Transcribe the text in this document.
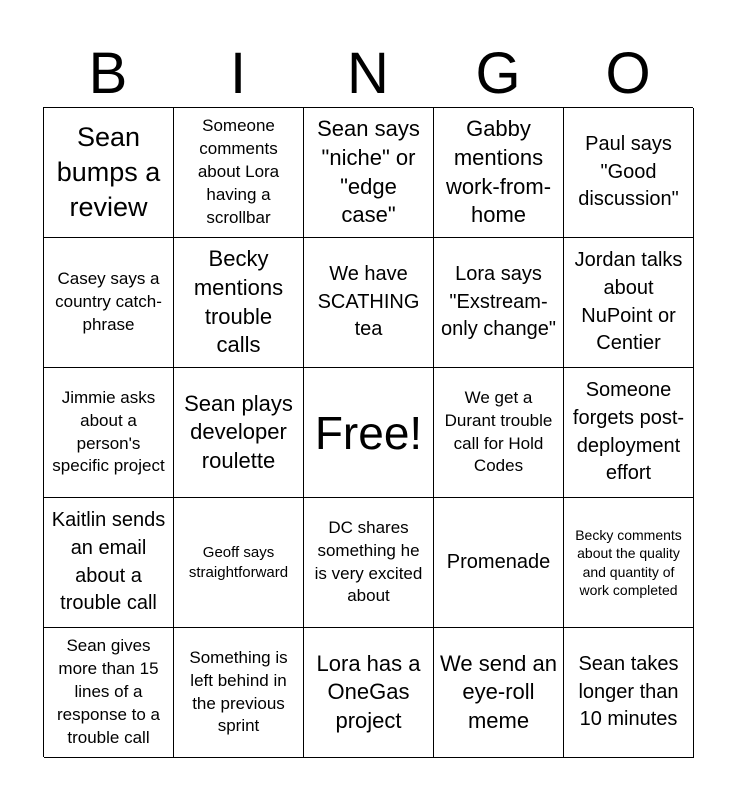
B	I	N	G	O
Sean bumps a review
Someone comments about Lora having a scrollbar
Sean says "niche" or "edge case"
Gabby mentions work-from-home
Paul says "Good discussion"
Casey says a country catch-phrase
Becky mentions trouble calls
We have SCATHING tea
Lora says "Exstream-only change"
Jordan talks about NuPoint or Centier
Jimmie asks about a person's specific project
Sean plays developer roulette
Free!
We get a Durant trouble call for Hold Codes
Someone forgets post-deployment effort
Kaitlin sends an email about a trouble call
Geoff says straightforward
DC shares something he is very excited about
Promenade
Becky comments about the quality and quantity of work completed
Sean gives more than 15 lines of a response to a trouble call
Something is left behind in the previous sprint
Lora has a OneGas project
We send an eye-roll meme
Sean takes longer than 10 minutes
